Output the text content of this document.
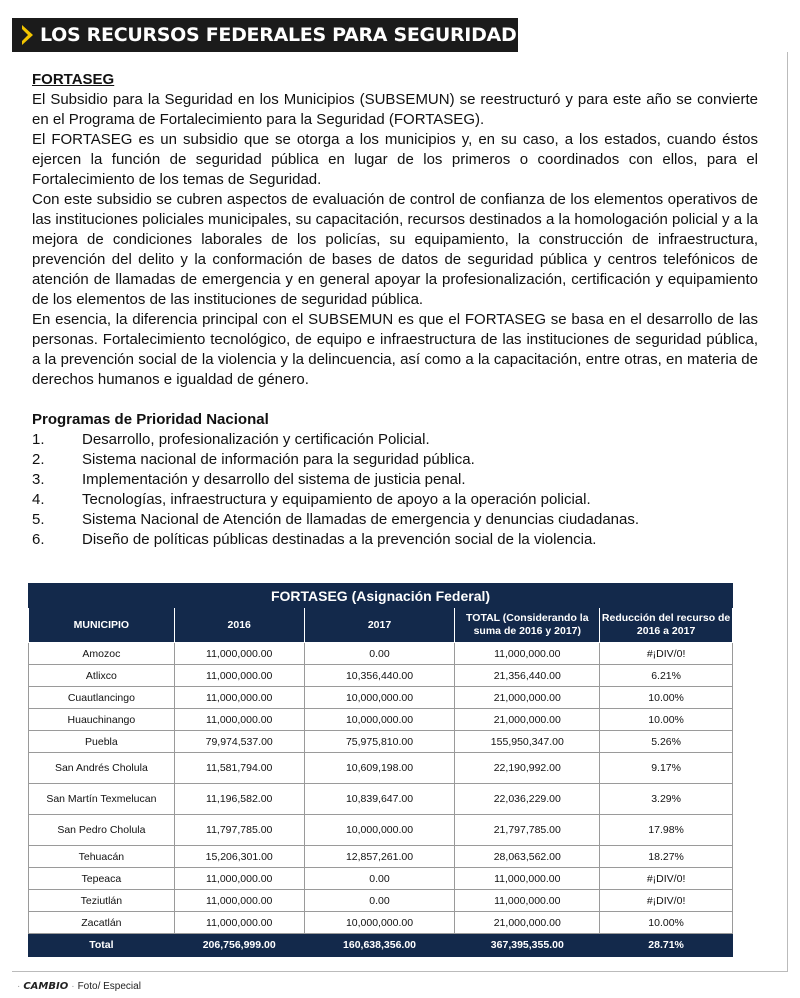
LOS RECURSOS FEDERALES PARA SEGURIDAD
FORTASEG

El Subsidio para la Seguridad en los Municipios (SUBSEMUN) se reestructuró y para este año se convierte en el Programa de Fortalecimiento para la Seguridad (FORTASEG).

El FORTASEG es un subsidio que se otorga a los municipios y, en su caso, a los estados, cuando éstos ejercen la función de seguridad pública en lugar de los primeros o coordinados con ellos, para el Fortalecimiento de los temas de Seguridad.

Con este subsidio se cubren aspectos de evaluación de control de confianza de los elementos operativos de las instituciones policiales municipales, su capacitación, recursos destinados a la homologación policial y a la mejora de condiciones laborales de los policías, su equipamiento, la construcción de infraestructura, prevención del delito y la conformación de bases de datos de seguridad pública y centros telefónicos de atención de llamadas de emergencia y en general apoyar la profesionalización, certificación y equipamiento de los elementos de las instituciones de seguridad pública.

En esencia, la diferencia principal con el SUBSEMUN es que el FORTASEG se basa en el desarrollo de las personas. Fortalecimiento tecnológico, de equipo e infraestructura de las instituciones de seguridad pública, a la prevención social de la violencia y la delincuencia, así como a la capacitación, entre otras, en materia de derechos humanos e igualdad de género.

Programas de Prioridad Nacional
1. Desarrollo, profesionalización y certificación Policial.
2. Sistema nacional de información para la seguridad pública.
3. Implementación y desarrollo del sistema de justicia penal.
4. Tecnologías, infraestructura y equipamiento de apoyo a la operación policial.
5. Sistema Nacional de Atención de llamadas de emergencia y denuncias ciudadanas.
6. Diseño de políticas públicas destinadas a la prevención social de la violencia.
FORTASEG (Asignación Federal)				
MUNICIPIO	2016	2017	TOTAL (Considerando la suma de 2016 y 2017)	Reducción del recurso de 2016 a 2017
Amozoc	11,000,000.00	0.00	11,000,000.00	#¡DIV/0!
Atlixco	11,000,000.00	10,356,440.00	21,356,440.00	6.21%
Cuautlancingo	11,000,000.00	10,000,000.00	21,000,000.00	10.00%
Huauchinango	11,000,000.00	10,000,000.00	21,000,000.00	10.00%
Puebla	79,974,537.00	75,975,810.00	155,950,347.00	5.26%
San Andrés Cholula	11,581,794.00	10,609,198.00	22,190,992.00	9.17%
San Martín Texmelucan	11,196,582.00	10,839,647.00	22,036,229.00	3.29%
San Pedro Cholula	11,797,785.00	10,000,000.00	21,797,785.00	17.98%
Tehuacán	15,206,301.00	12,857,261.00	28,063,562.00	18.27%
Tepeaca	11,000,000.00	0.00	11,000,000.00	#¡DIV/0!
Teziutlán	11,000,000.00	0.00	11,000,000.00	#¡DIV/0!
Zacatlán	11,000,000.00	10,000,000.00	21,000,000.00	10.00%
Total	206,756,999.00	160,638,356.00	367,395,355.00	28.71%
· CAMBIO · Foto/ Especial
